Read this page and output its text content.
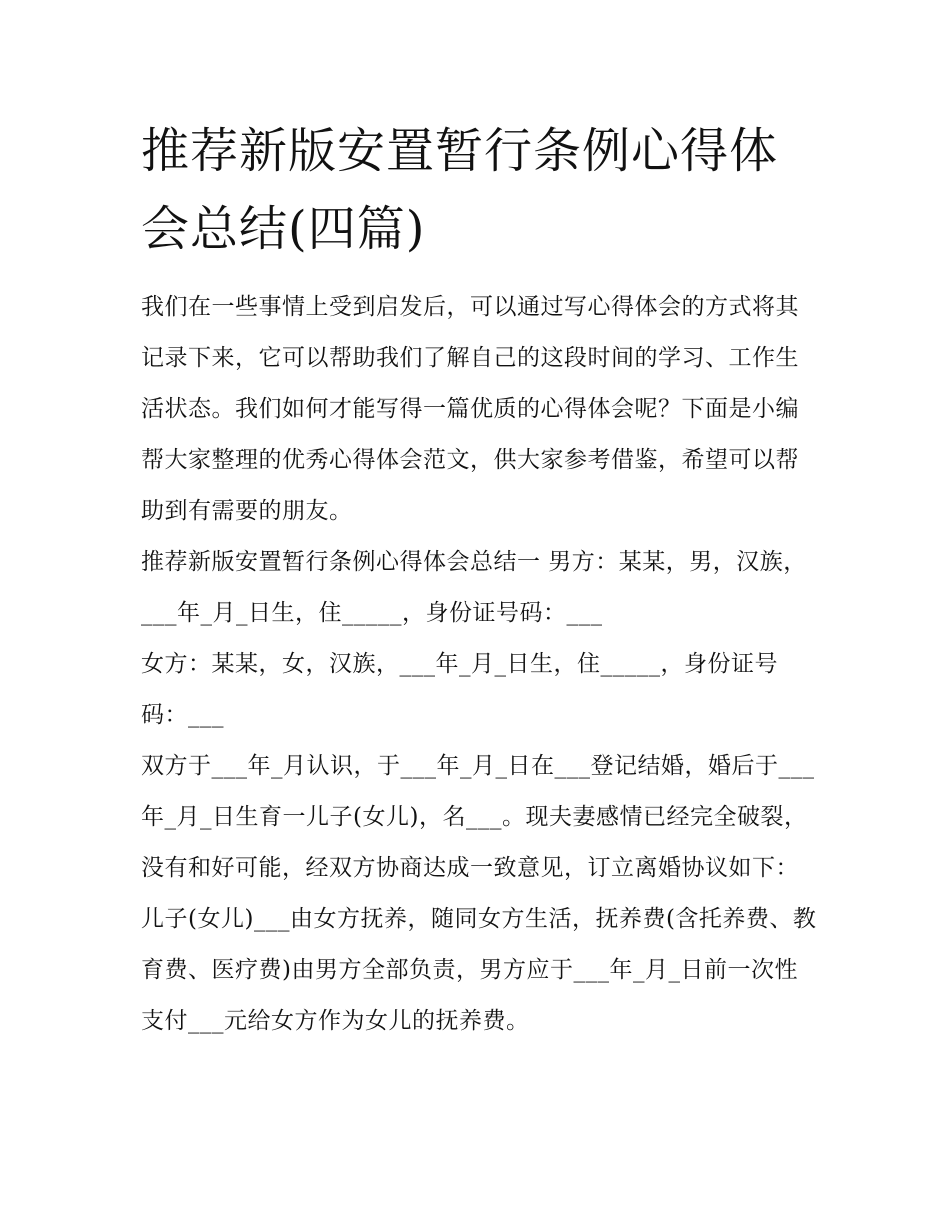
推荐新版安置暂行条例心得体会总结(四篇)

我们在一些事情上受到启发后，可以通过写心得体会的方式将其记录下来，它可以帮助我们了解自己的这段时间的学习、工作生活状态。我们如何才能写得一篇优质的心得体会呢？下面是小编帮大家整理的优秀心得体会范文，供大家参考借鉴，希望可以帮助到有需要的朋友。

推荐新版安置暂行条例心得体会总结一 男方：某某，男，汉族，___年_月_日生，住_____，身份证号码：___

女方：某某，女，汉族，___年_月_日生，住_____，身份证号码：___

双方于___年_月认识，于___年_月_日在___登记结婚，婚后于___年_月_日生育一儿子(女儿)，名___。现夫妻感情已经完全破裂，没有和好可能，经双方协商达成一致意见，订立离婚协议如下：

儿子(女儿)___由女方抚养，随同女方生活，抚养费(含托养费、教育费、医疗费)由男方全部负责，男方应于___年_月_日前一次性支付___元给女方作为女儿的抚养费。
